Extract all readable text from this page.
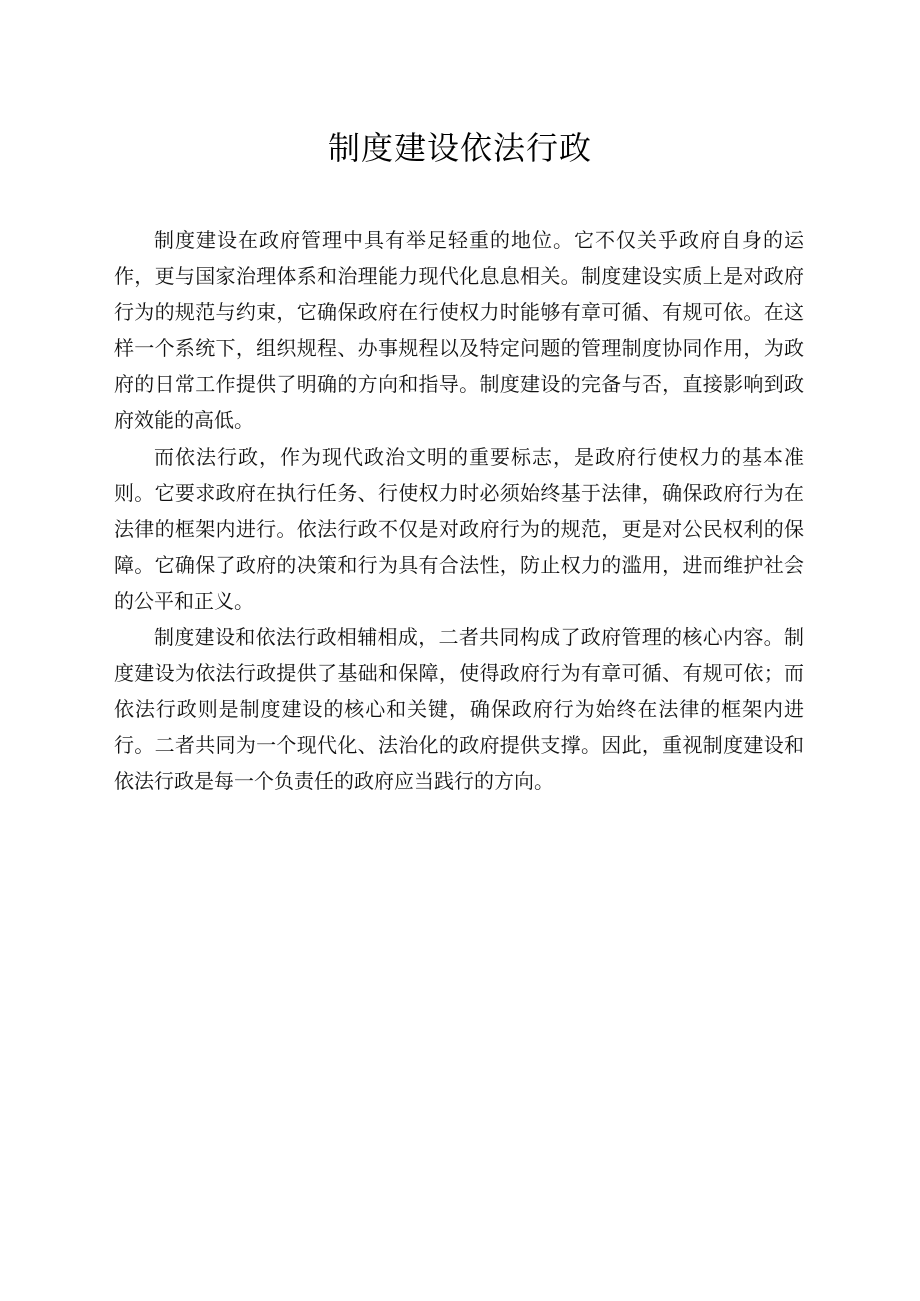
制度建设依法行政

制度建设在政府管理中具有举足轻重的地位。它不仅关乎政府自身的运作，更与国家治理体系和治理能力现代化息息相关。制度建设实质上是对政府行为的规范与约束，它确保政府在行使权力时能够有章可循、有规可依。在这样一个系统下，组织规程、办事规程以及特定问题的管理制度协同作用，为政府的日常工作提供了明确的方向和指导。制度建设的完备与否，直接影响到政府效能的高低。

而依法行政，作为现代政治文明的重要标志，是政府行使权力的基本准则。它要求政府在执行任务、行使权力时必须始终基于法律，确保政府行为在法律的框架内进行。依法行政不仅是对政府行为的规范，更是对公民权利的保障。它确保了政府的决策和行为具有合法性，防止权力的滥用，进而维护社会的公平和正义。

制度建设和依法行政相辅相成，二者共同构成了政府管理的核心内容。制度建设为依法行政提供了基础和保障，使得政府行为有章可循、有规可依；而依法行政则是制度建设的核心和关键，确保政府行为始终在法律的框架内进行。二者共同为一个现代化、法治化的政府提供支撑。因此，重视制度建设和依法行政是每一个负责任的政府应当践行的方向。
